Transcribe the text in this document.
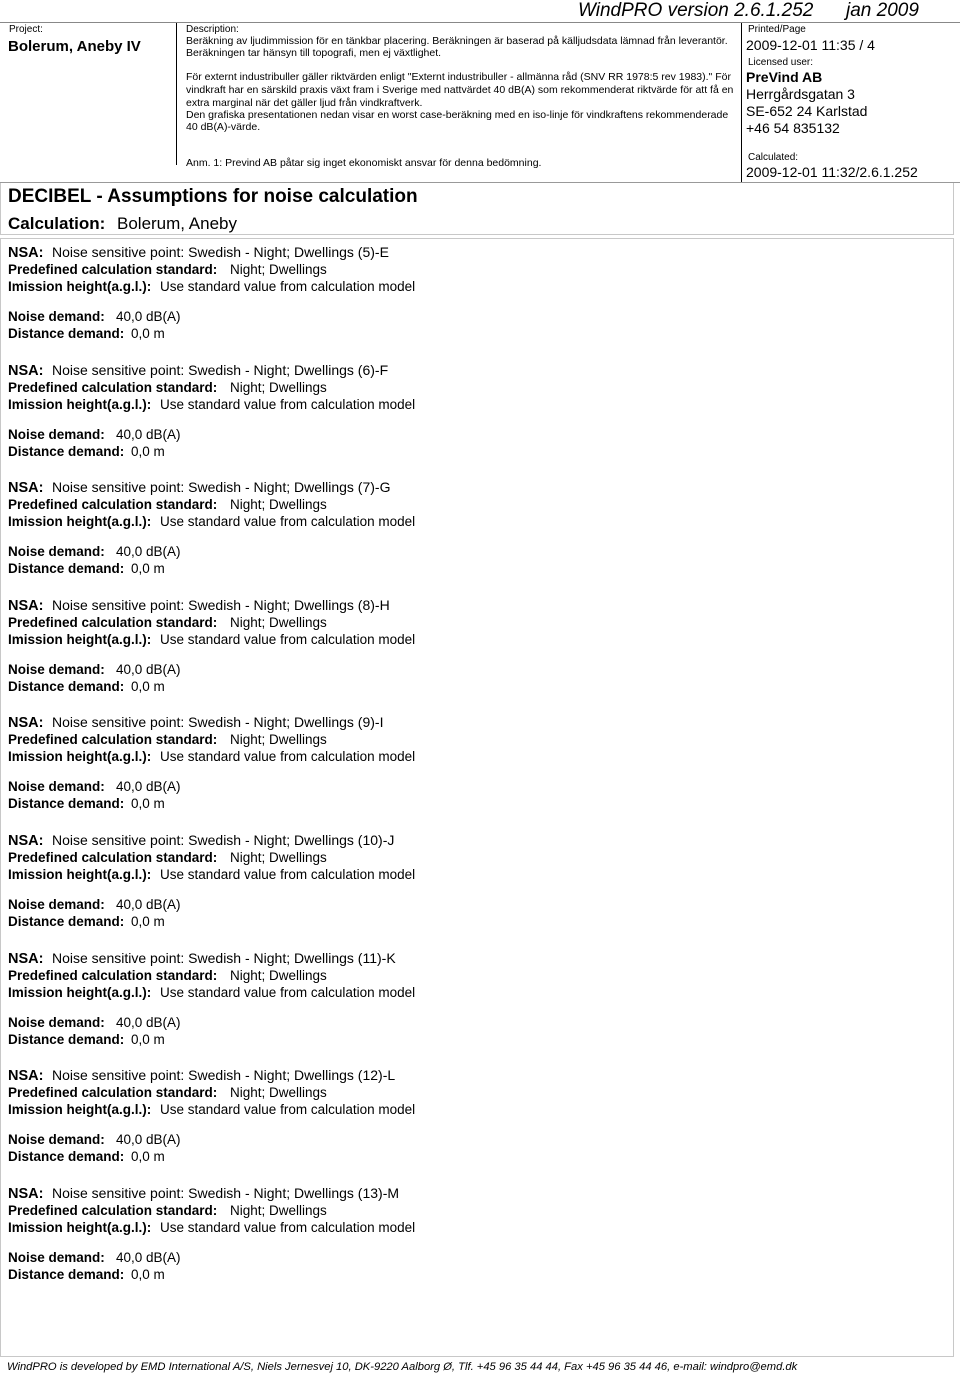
Project:
Bolerum, Aneby IV
Description:
Beräkning av ljudimmission för en tänkbar placering. Beräkningen är baserad på källjudsdata lämnad från leverantör.
Beräkningen tar hänsyn till topografi, men ej växtlighet.
För externt industribuller gäller riktvärden enligt "Externt industribuller - allmänna råd (SNV RR 1978:5 rev 1983)." För
vindkraft har en särskild praxis växt fram i Sverige med nattvärdet 40 dB(A) som rekommenderat riktvärde för att få en
extra marginal när det gäller ljud från vindkraftverk.
Den grafiska presentationen nedan visar en worst case-beräkning med en iso-linje för vindkraftens rekommenderade
40 dB(A)-värde.
Anm. 1: Prevind AB påtar sig inget ekonomiskt ansvar för denna bedömning.
WindPRO version 2.6.1.252 jan 2009
Printed/Page
2009-12-01 11:35 / 4
Licensed user:
PreVind AB
Herrgårdsgatan 3
SE-652 24 Karlstad
+46 54 835132
Calculated:
2009-12-01 11:32/2.6.1.252
DECIBEL - Assumptions for noise calculation
Calculation: Bolerum, Aneby
NSA: Noise sensitive point: Swedish - Night; Dwellings (5)-E
Predefined calculation standard: Night; Dwellings
Imission height(a.g.l.): Use standard value from calculation model
Noise demand: 40,0 dB(A)
Distance demand: 0,0 m
NSA: Noise sensitive point: Swedish - Night; Dwellings (6)-F
Predefined calculation standard: Night; Dwellings
Imission height(a.g.l.): Use standard value from calculation model
Noise demand: 40,0 dB(A)
Distance demand: 0,0 m
NSA: Noise sensitive point: Swedish - Night; Dwellings (7)-G
Predefined calculation standard: Night; Dwellings
Imission height(a.g.l.): Use standard value from calculation model
Noise demand: 40,0 dB(A)
Distance demand: 0,0 m
NSA: Noise sensitive point: Swedish - Night; Dwellings (8)-H
Predefined calculation standard: Night; Dwellings
Imission height(a.g.l.): Use standard value from calculation model
Noise demand: 40,0 dB(A)
Distance demand: 0,0 m
NSA: Noise sensitive point: Swedish - Night; Dwellings (9)-I
Predefined calculation standard: Night; Dwellings
Imission height(a.g.l.): Use standard value from calculation model
Noise demand: 40,0 dB(A)
Distance demand: 0,0 m
NSA: Noise sensitive point: Swedish - Night; Dwellings (10)-J
Predefined calculation standard: Night; Dwellings
Imission height(a.g.l.): Use standard value from calculation model
Noise demand: 40,0 dB(A)
Distance demand: 0,0 m
NSA: Noise sensitive point: Swedish - Night; Dwellings (11)-K
Predefined calculation standard: Night; Dwellings
Imission height(a.g.l.): Use standard value from calculation model
Noise demand: 40,0 dB(A)
Distance demand: 0,0 m
NSA: Noise sensitive point: Swedish - Night; Dwellings (12)-L
Predefined calculation standard: Night; Dwellings
Imission height(a.g.l.): Use standard value from calculation model
Noise demand: 40,0 dB(A)
Distance demand: 0,0 m
NSA: Noise sensitive point: Swedish - Night; Dwellings (13)-M
Predefined calculation standard: Night; Dwellings
Imission height(a.g.l.): Use standard value from calculation model
Noise demand: 40,0 dB(A)
Distance demand: 0,0 m
WindPRO is developed by EMD International A/S, Niels Jernesvej 10, DK-9220 Aalborg Ø, Tlf. +45 96 35 44 44, Fax +45 96 35 44 46, e-mail: windpro@emd.dk
